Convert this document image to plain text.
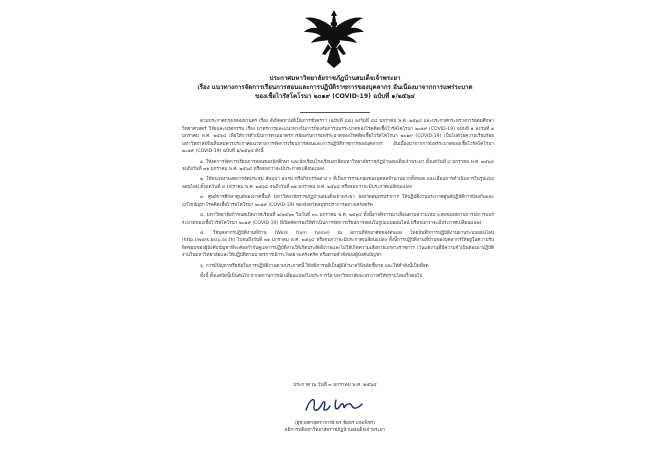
ประกาศมหาวิทยาลัยราชภัฏบ้านสมเด็จเจ้าพระยา
เรื่อง แนวทางการจัดการเรียนการสอนและการปฏิบัติราชการของบุคลากร อันเนื่องมาจากการแพร่ระบาด
ของเชื้อไวรัสโคโรนา ๒๐๑๙ (COVID-19) ฉบับที่ ๑/๒๕๖๔

ตามประกาศกรุงเทพมหานคร เรื่อง สั่งปิดสถานที่เป็นการชั่วคราว (ฉบับที่ ๔๕) ลงวันที่ ๔๔ มกราคม พ.ศ. ๒๕๖๔ และประกาศกระทรวงการอุดมศึกษา วิทยาศาสตร์ วิจัยและนวัตกรรม เรื่อง มาตรการและแนวทางในการป้องกันการแพร่ระบาดของโรคติดเชื้อไวรัสโคโรนา ๒๐๑๙ (COVID-19) ฉบับที่ ๑ ลงวันที่ ๑ มกราคม พ.ศ. ๒๕๖๔ เพื่อให้การดำเนินการตามมาตรการป้องกันการแพร่ระบาดของโรคติดเชื้อไวรัสโคโรนา ๒๐๑๙ (COVID-19) เป็นไปด้วยความเรียบร้อย มหาวิทยาลัยจึงเห็นสมควรประกาศแนวทางการจัดการเรียนการสอนและการปฏิบัติราชการของบุคลากร อันเนื่องมาจากการแพร่ระบาดของเชื้อไวรัสโคโรนา ๒๐๑๙ (COVID-19) ฉบับที่ ๑/๒๕๖๔ ดังนี้

๑. ให้งดการจัดการเรียนการสอนของนักศึกษา และนักเรียนโรงเรียนสาธิตมหาวิทยาลัยราชภัฏบ้านสมเด็จเจ้าพระยา ตั้งแต่วันที่ ๔ มกราคม พ.ศ. ๒๕๖๔ จนถึงวันที่ ๓๑ มกราคม พ.ศ. ๒๕๖๔ หรือจนกว่าจะมีประกาศเปลี่ยนแปลง

๒. ให้หน่วยงานงดการจัดประชุม สัมมนา อบรม หรือกิจกรรมต่าง ๆ ที่เป็นการรวมกลุ่มของบุคคลจำนวนมากทั้งหมด และเลื่อนการดำเนินการในรูปแบบออนไลน์ ตั้งแต่วันที่ ๔ มกราคม พ.ศ. ๒๕๖๔ จนถึงวันที่ ๓๑ มกราคม พ.ศ. ๒๕๖๔ หรือจนกว่าจะมีประกาศเปลี่ยนแปลง

๓. ศูนย์การศึกษาศูนย์ของภาคพื้นที่ มหาวิทยาลัยราชภัฏบ้านสมเด็จเจ้าพระยา จังหวัดสมุทรปราการ ให้ปฏิบัติงานประกาศศูนย์ปฏิบัติการป้องกันและแก้ไขปัญหาโรคติดเชื้อไวรัสโคโรนา ๒๐๑๙ (COVID-19) ของจังหวัดสมุทรปราการอย่างเคร่งครัด

๔. มหาวิทยาลัยกำหนดเปิดภาคเรียนที่ ๒/๒๕๖๓ ในวันที่ ๓๐ มกราคม พ.ศ. ๒๕๖๔ ทั้งนี้อาจพิจารณาเลื่อนตามความเหมาะสมของสถานการณ์การแพร่ระบาดของเชื้อไวรัสโคโรนา ๒๐๑๙ (COVID-19) ที่เปิดคัดกรองให้ดำเนินการจัดการเรียนการสอนในรูปแบบออนไลน์ หรือจนกว่าจะมีประกาศเปลี่ยนแปลง

๕. ให้บุคลากรปฏิบัติงานที่บ้าน (Work from home) ณ สถานที่พักอาศัยของตนเอง โดยบันทึกการปฏิบัติงานผ่านระบบออนไลน์ (http://work.bsru.ac.th) ไปจนถึงวันที่ ๓๑ มกราคม พ.ศ. ๒๕๖๔ หรือจนกว่าจะมีประกาศเปลี่ยนแปลง ทั้งนี้การปฏิบัติงานที่บ้านของบุคลากรให้อยู่ในความรับผิดชอบของผู้บังคับบัญชาที่จะต้องกำกับดูแลการปฏิบัติงานให้เกิดประสิทธิภาพและไม่ให้เกิดความเสียหายแก่ทางราชการ เว้นแต่งานที่มีความจำเป็นต้องมาปฏิบัติงานในมหาวิทยาลัยและให้ปฏิบัติตามมาตรการเฝ้าระวังอย่างเคร่งครัด หรือตามคำสั่งของผู้บังคับบัญชา

๖. การมีปัญหาหรือข้อในการปฏิบัติงานตามประกาศนี้ ให้อธิการบดีเป็นผู้มีอำนาจวินิจฉัยชี้ขาด และให้คำสั่งนี้เป็นที่สุด

ทั้งนี้ ตั้งแต่บัดนี้เป็นต้นไป หากสถานการณ์เปลี่ยนแปลงไปประการใด มหาวิทยาลัยจะประกาศให้ทราบโดยเร็วต่อไป

ประกาศ ณ วันที่ ๓ มกราคม พ.ศ. ๒๕๖๔
(ผู้ช่วยศาสตราจารย์ ดร.ชัยพร เกษเพ็ชร)
อธิการบดีมหาวิทยาลัยราชภัฏบ้านสมเด็จเจ้าพระยา
